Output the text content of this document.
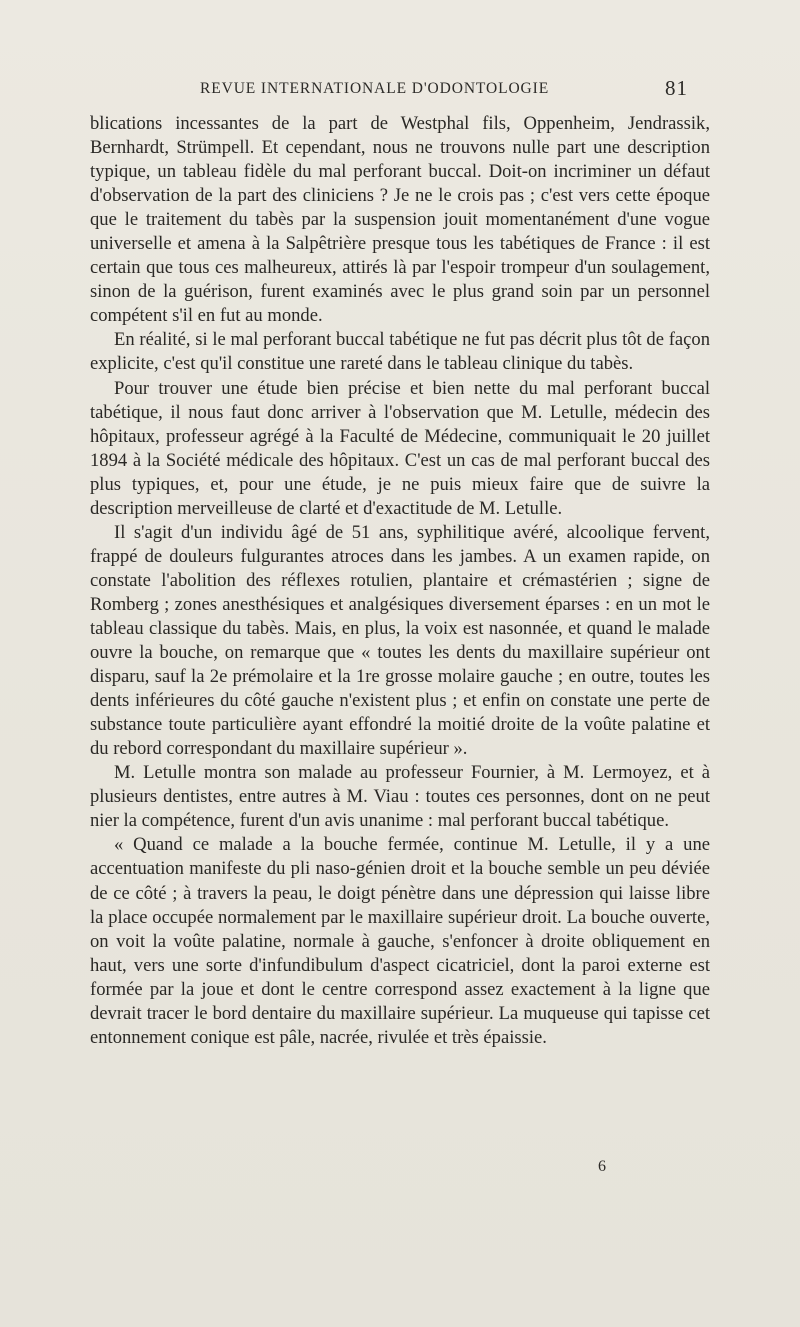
REVUE INTERNATIONALE D'ODONTOLOGIE	81

blications incessantes de la part de Westphal fils, Oppenheim, Jendrassik, Bernhardt, Strümpell. Et cependant, nous ne trouvons nulle part une description typique, un tableau fidèle du mal perforant buccal. Doit-on incriminer un défaut d'observation de la part des cliniciens ? Je ne le crois pas ; c'est vers cette époque que le traitement du tabès par la suspension jouit momentanément d'une vogue universelle et amena à la Salpêtrière presque tous les tabétiques de France : il est certain que tous ces malheureux, attirés là par l'espoir trompeur d'un soulagement, sinon de la guérison, furent examinés avec le plus grand soin par un personnel compétent s'il en fut au monde.

En réalité, si le mal perforant buccal tabétique ne fut pas décrit plus tôt de façon explicite, c'est qu'il constitue une rareté dans le tableau clinique du tabès.

Pour trouver une étude bien précise et bien nette du mal perforant buccal tabétique, il nous faut donc arriver à l'observation que M. Letulle, médecin des hôpitaux, professeur agrégé à la Faculté de Médecine, communiquait le 20 juillet 1894 à la Société médicale des hôpitaux. C'est un cas de mal perforant buccal des plus typiques, et, pour une étude, je ne puis mieux faire que de suivre la description merveilleuse de clarté et d'exactitude de M. Letulle.

Il s'agit d'un individu âgé de 51 ans, syphilitique avéré, alcoolique fervent, frappé de douleurs fulgurantes atroces dans les jambes. A un examen rapide, on constate l'abolition des réflexes rotulien, plantaire et crémastérien ; signe de Romberg ; zones anesthésiques et analgésiques diversement éparses : en un mot le tableau classique du tabès. Mais, en plus, la voix est nasonnée, et quand le malade ouvre la bouche, on remarque que « toutes les dents du maxillaire supérieur ont disparu, sauf la 2e prémolaire et la 1re grosse molaire gauche ; en outre, toutes les dents inférieures du côté gauche n'existent plus ; et enfin on constate une perte de substance toute particulière ayant effondré la moitié droite de la voûte palatine et du rebord correspondant du maxillaire supérieur ».

M. Letulle montra son malade au professeur Fournier, à M. Lermoyez, et à plusieurs dentistes, entre autres à M. Viau : toutes ces personnes, dont on ne peut nier la compétence, furent d'un avis unanime : mal perforant buccal tabétique.

« Quand ce malade a la bouche fermée, continue M. Letulle, il y a une accentuation manifeste du pli naso-génien droit et la bouche semble un peu déviée de ce côté ; à travers la peau, le doigt pénètre dans une dépression qui laisse libre la place occupée normalement par le maxillaire supérieur droit. La bouche ouverte, on voit la voûte palatine, normale à gauche, s'enfoncer à droite obliquement en haut, vers une sorte d'infundibulum d'aspect cicatriciel, dont la paroi externe est formée par la joue et dont le centre correspond assez exactement à la ligne que devrait tracer le bord dentaire du maxillaire supérieur. La muqueuse qui tapisse cet entonnement conique est pâle, nacrée, rivulée et très épaissie.

6
